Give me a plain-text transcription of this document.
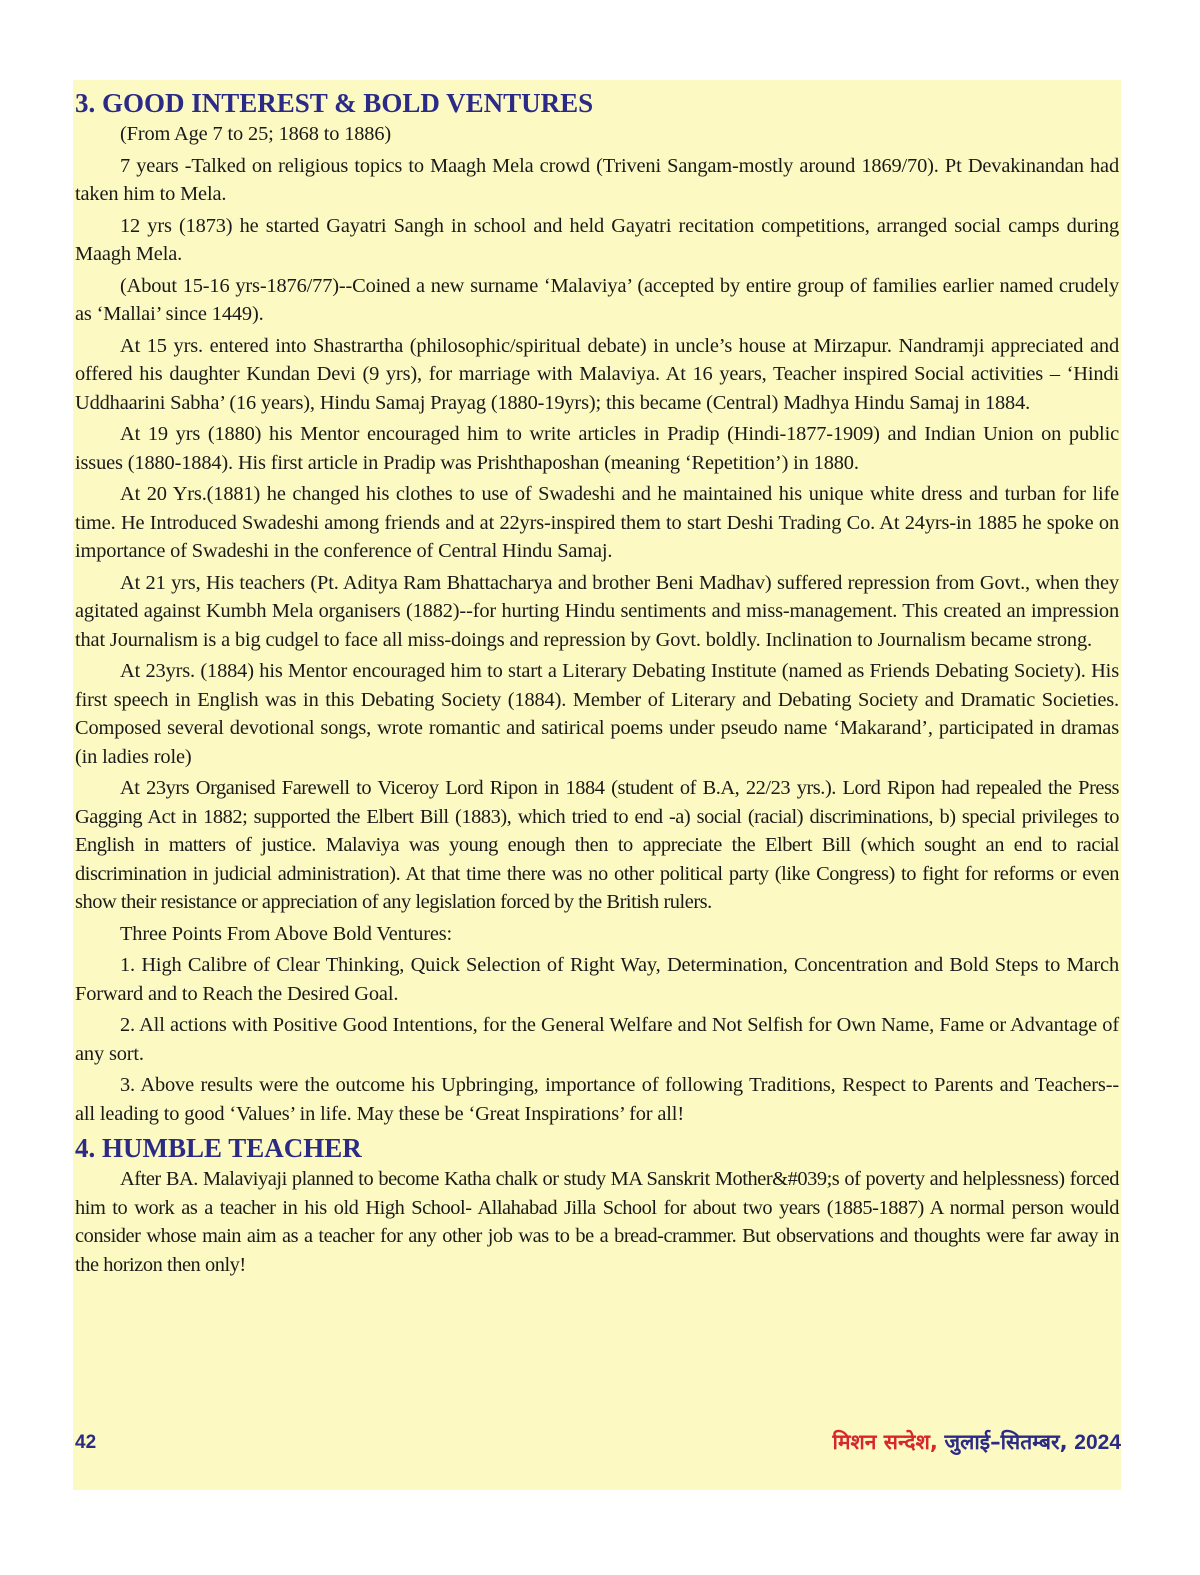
3. GOOD INTEREST & BOLD VENTURES

(From Age 7 to 25; 1868 to 1886)

7 years -Talked on religious topics to Maagh Mela crowd (Triveni Sangam-mostly around 1869/70). Pt Devakinandan had taken him to Mela.

12 yrs (1873) he started Gayatri Sangh in school and held Gayatri recitation competitions, arranged social camps during Maagh Mela.

(About 15-16 yrs-1876/77)--Coined a new surname ‘Malaviya’ (accepted by entire group of families earlier named crudely as ‘Mallai’ since 1449).

At 15 yrs. entered into Shastrartha (philosophic/spiritual debate) in uncle’s house at Mirzapur. Nandramji appreciated and offered his daughter Kundan Devi (9 yrs), for marriage with Malaviya. At 16 years, Teacher inspired Social activities – ‘Hindi Uddhaarini Sabha’ (16 years), Hindu Samaj Prayag (1880-19yrs); this became (Central) Madhya Hindu Samaj in 1884.

At 19 yrs (1880) his Mentor encouraged him to write articles in Pradip (Hindi-1877-1909) and Indian Union on public issues (1880-1884). His first article in Pradip was Prishthaposhan (meaning ‘Repetition’) in 1880.

At 20 Yrs.(1881) he changed his clothes to use of Swadeshi and he maintained his unique white dress and turban for life time. He Introduced Swadeshi among friends and at 22yrs-inspired them to start Deshi Trading Co. At 24yrs-in 1885 he spoke on importance of Swadeshi in the conference of Central Hindu Samaj.

At 21 yrs, His teachers (Pt. Aditya Ram Bhattacharya and brother Beni Madhav) suffered repression from Govt., when they agitated against Kumbh Mela organisers (1882)--for hurting Hindu sentiments and miss-management. This created an impression that Journalism is a big cudgel to face all miss-doings and repression by Govt. boldly. Inclination to Journalism became strong.

At 23yrs. (1884) his Mentor encouraged him to start a Literary Debating Institute (named as Friends Debating Society). His first speech in English was in this Debating Society (1884). Member of Literary and Debating Society and Dramatic Societies. Composed several devotional songs, wrote romantic and satirical poems under pseudo name ‘Makarand’, participated in dramas (in ladies role)

At 23yrs Organised Farewell to Viceroy Lord Ripon in 1884 (student of B.A, 22/23 yrs.). Lord Ripon had repealed the Press Gagging Act in 1882; supported the Elbert Bill (1883), which tried to end -a) social (racial) discriminations, b) special privileges to English in matters of justice. Malaviya was young enough then to appreciate the Elbert Bill (which sought an end to racial discrimination in judicial administration). At that time there was no other political party (like Congress) to fight for reforms or even show their resistance or appreciation of any legislation forced by the British rulers.

Three Points From Above Bold Ventures:

1. High Calibre of Clear Thinking, Quick Selection of Right Way, Determination, Concentration and Bold Steps to March Forward and to Reach the Desired Goal.

2. All actions with Positive Good Intentions, for the General Welfare and Not Selfish for Own Name, Fame or Advantage of any sort.

3. Above results were the outcome his Upbringing, importance of following Traditions, Respect to Parents and Teachers-- all leading to good ‘Values’ in life. May these be ‘Great Inspirations’ for all!

4. HUMBLE TEACHER

After BA. Malaviyaji planned to become Katha chalk or study MA Sanskrit Mother&#039;s of poverty and helplessness) forced him to work as a teacher in his old High School- Allahabad Jilla School for about two years (1885-1887) A normal person would consider whose main aim as a teacher for any other job was to be a bread-crammer. But observations and thoughts were far away in the horizon then only!

42	मिशन सन्देश, जुलाई–सितम्बर, 2024
